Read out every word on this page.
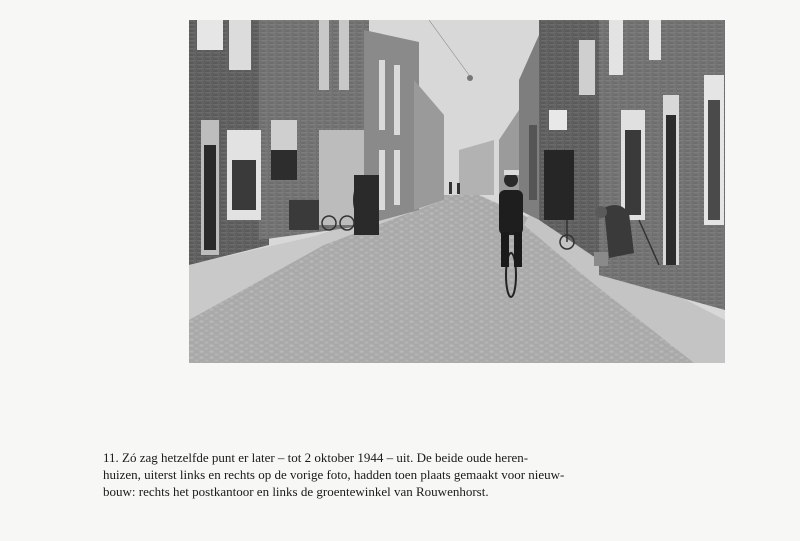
11. Zó zag hetzelfde punt er later – tot 2 oktober 1944 – uit. De beide oude heren-
huizen, uiterst links en rechts op de vorige foto, hadden toen plaats gemaakt voor nieuw-
bouw: rechts het postkantoor en links de groentewinkel van Rouwenhorst.
